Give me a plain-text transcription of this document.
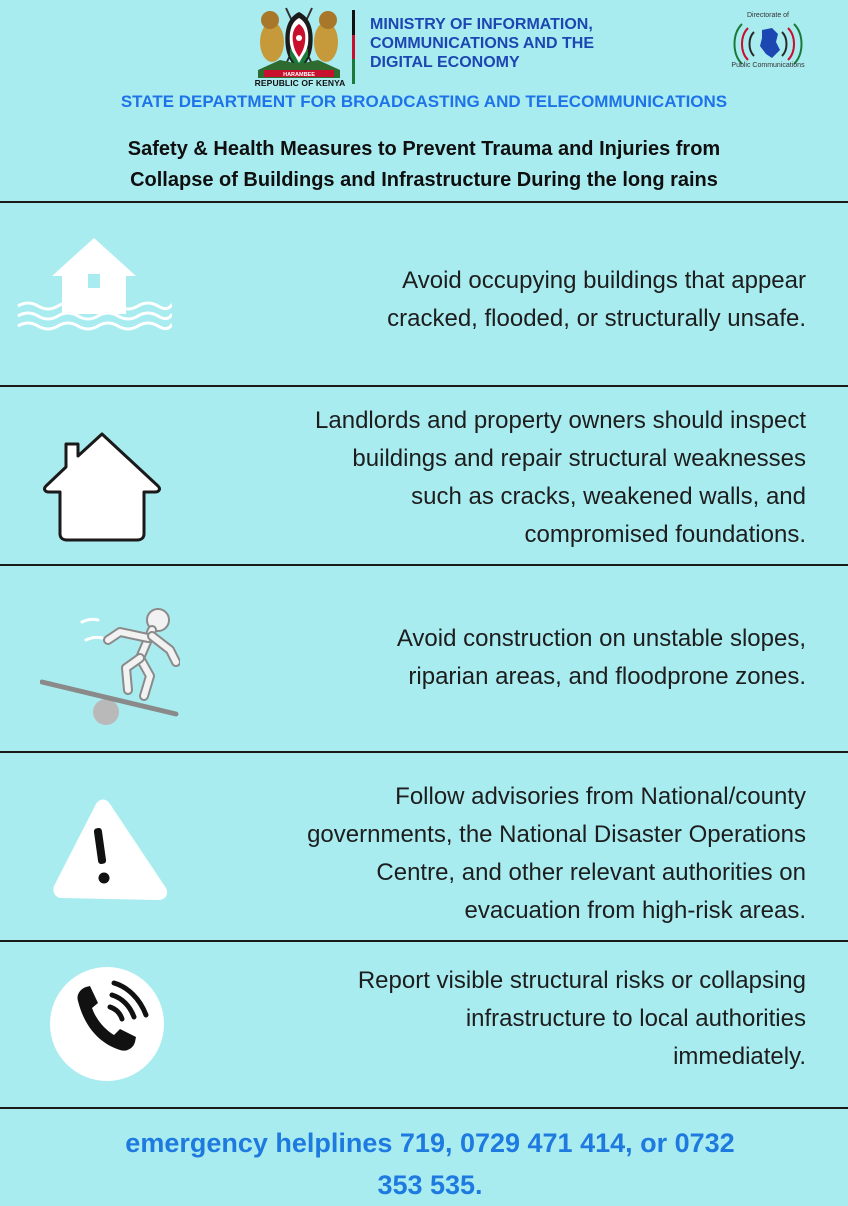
HARAMBEE
REPUBLIC OF KENYA
MINISTRY OF INFORMATION,
COMMUNICATIONS AND THE
DIGITAL ECONOMY
Directorate of
Public Communications
STATE DEPARTMENT FOR BROADCASTING AND TELECOMMUNICATIONS
Safety & Health Measures to Prevent Trauma and Injuries from
Collapse of Buildings and Infrastructure During the long rains
Avoid occupying buildings that appear
cracked, flooded, or structurally unsafe.
Landlords and property owners should inspect
buildings and repair structural weaknesses
such as cracks, weakened walls, and
compromised foundations.
Avoid construction on unstable slopes,
riparian areas, and floodprone zones.
Follow advisories from National/county
governments, the National Disaster Operations
Centre, and other relevant authorities on
evacuation from high-risk areas.
Report visible structural risks or collapsing
infrastructure to local authorities
immediately.
emergency helplines 719, 0729 471 414, or 0732
353 535.
